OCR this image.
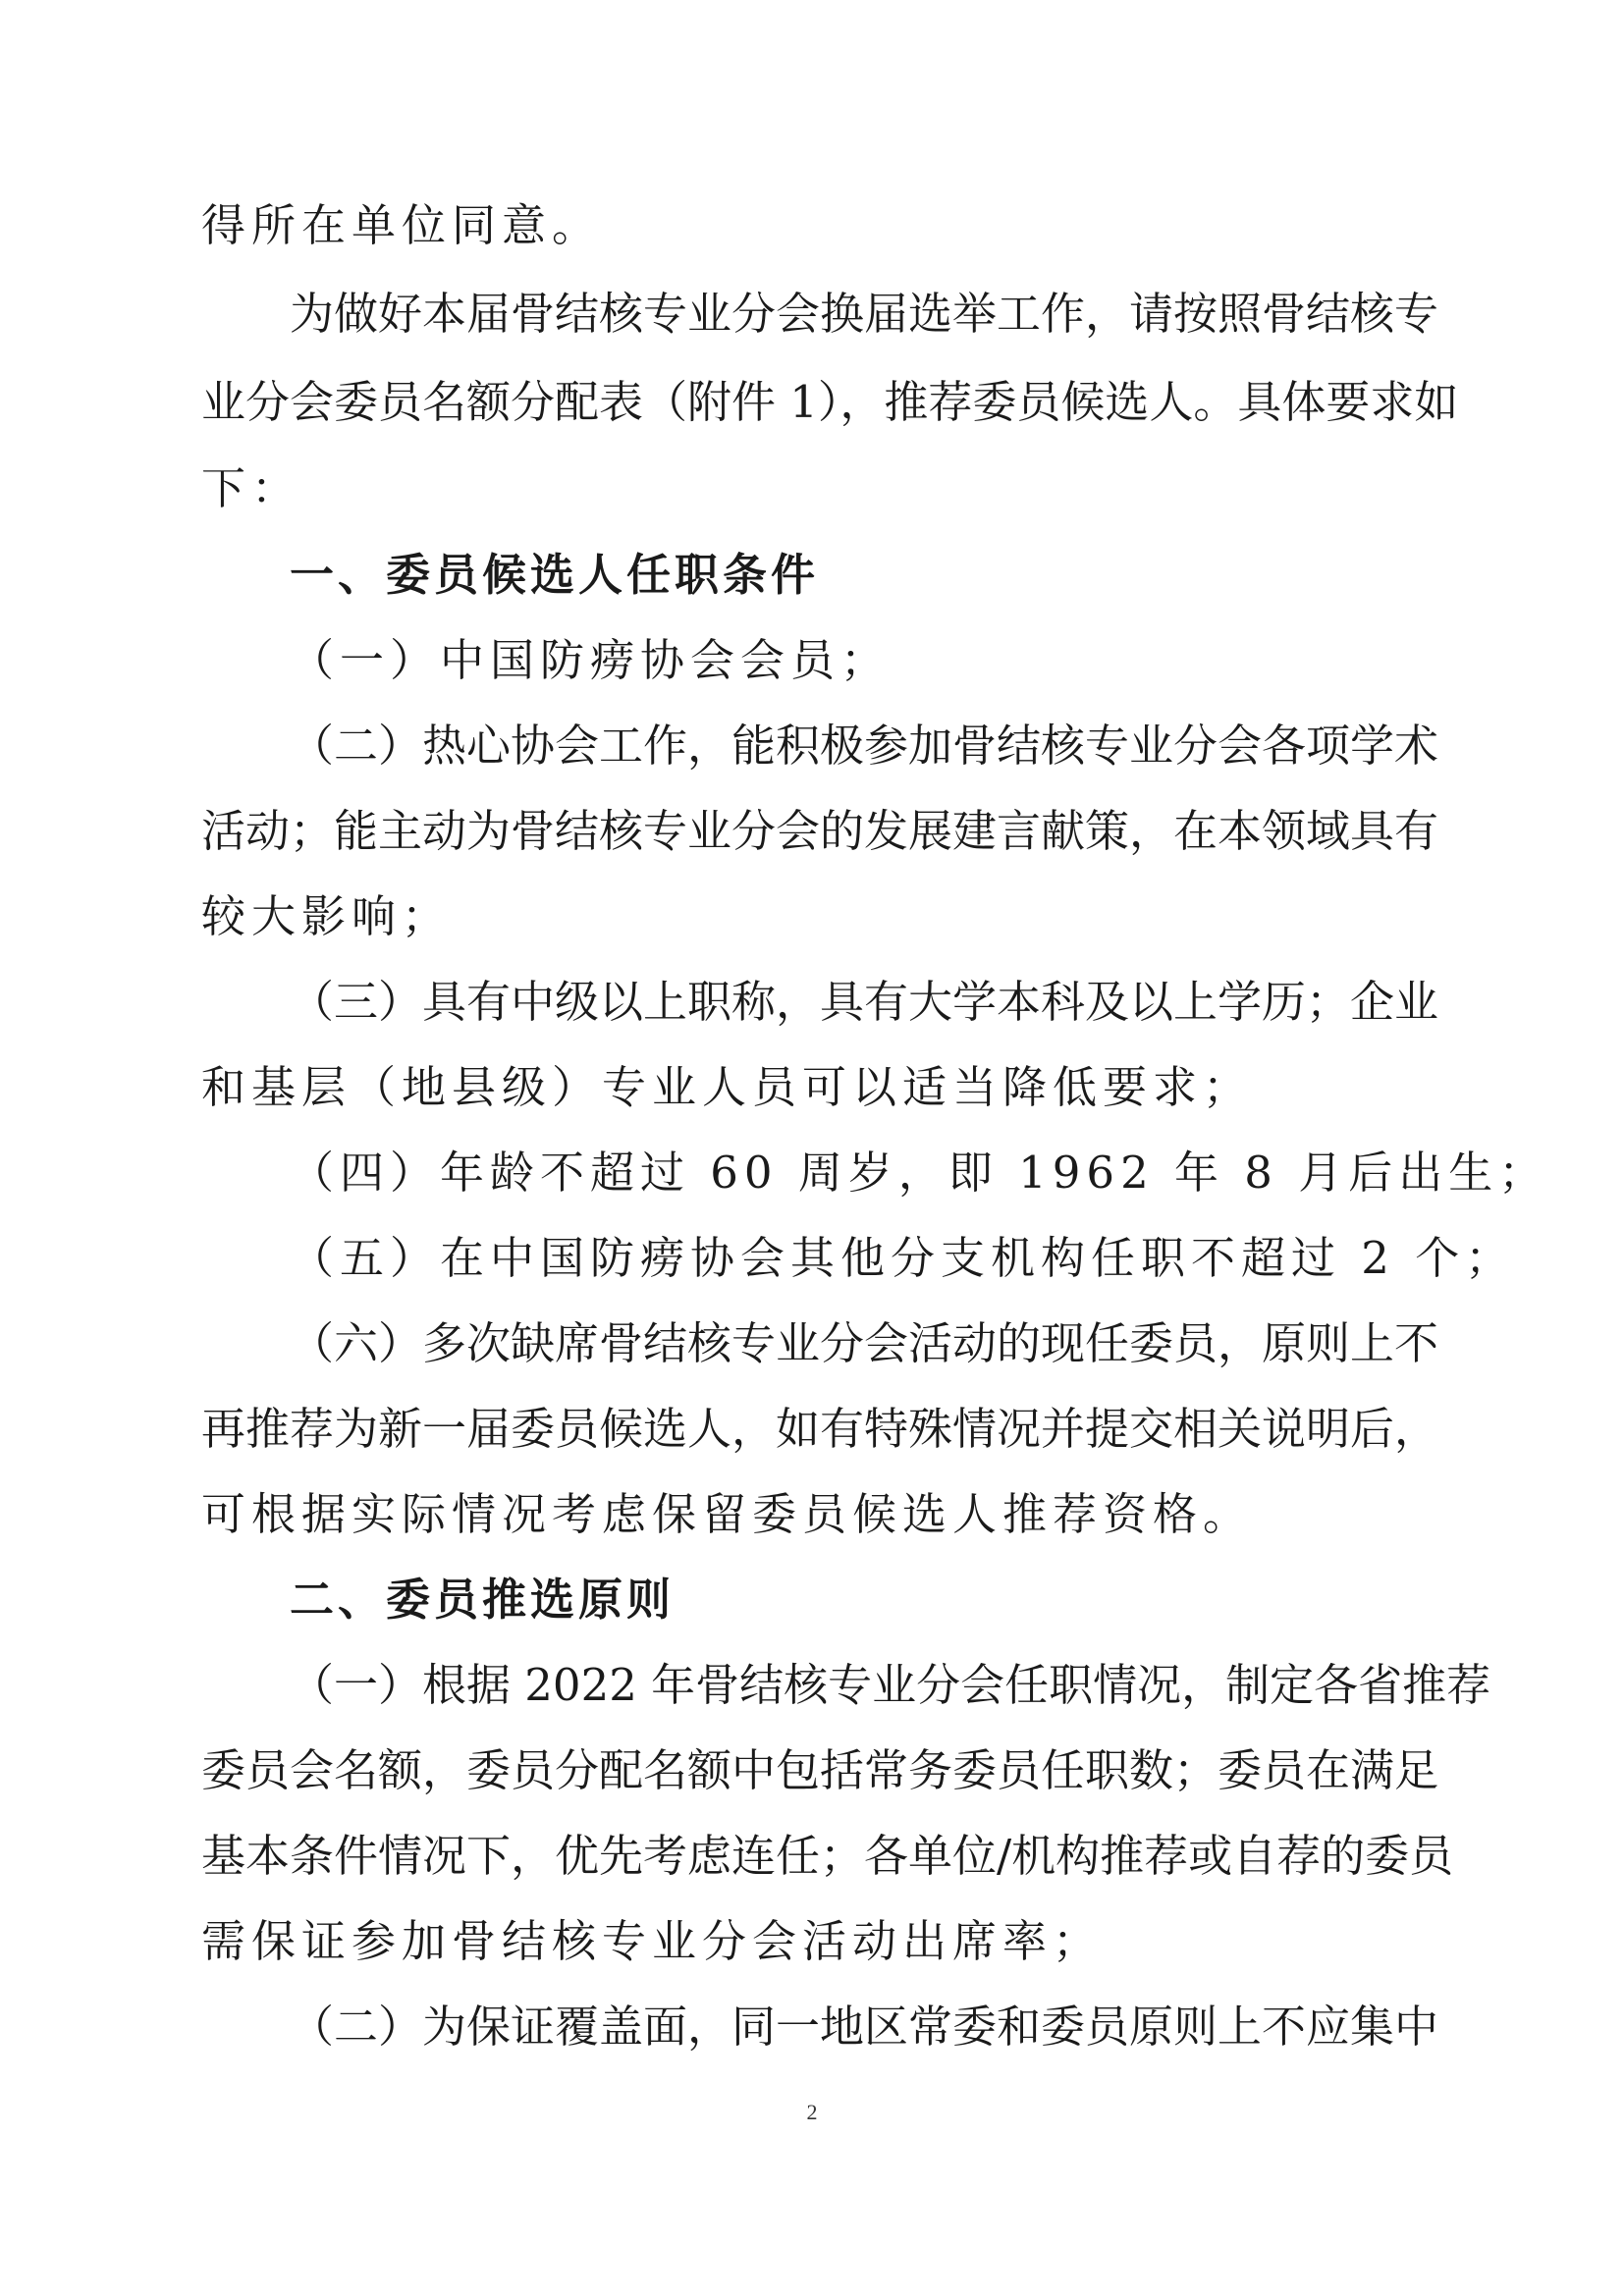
得所在单位同意。
为做好本届骨结核专业分会换届选举工作，请按照骨结核专
业分会委员名额分配表（附件 1），推荐委员候选人。具体要求如
下：
一、委员候选人任职条件
（一）中国防痨协会会员；
（二）热心协会工作，能积极参加骨结核专业分会各项学术
活动；能主动为骨结核专业分会的发展建言献策，在本领域具有
较大影响；
（三）具有中级以上职称，具有大学本科及以上学历；企业
和基层（地县级）专业人员可以适当降低要求；
（四）年龄不超过 60 周岁，即 1962 年 8 月后出生；
（五）在中国防痨协会其他分支机构任职不超过 2 个；
（六）多次缺席骨结核专业分会活动的现任委员，原则上不
再推荐为新一届委员候选人，如有特殊情况并提交相关说明后，
可根据实际情况考虑保留委员候选人推荐资格。
二、委员推选原则
（一）根据 2022 年骨结核专业分会任职情况，制定各省推荐
委员会名额，委员分配名额中包括常务委员任职数；委员在满足
基本条件情况下，优先考虑连任；各单位/机构推荐或自荐的委员
需保证参加骨结核专业分会活动出席率；
（二）为保证覆盖面，同一地区常委和委员原则上不应集中
2
